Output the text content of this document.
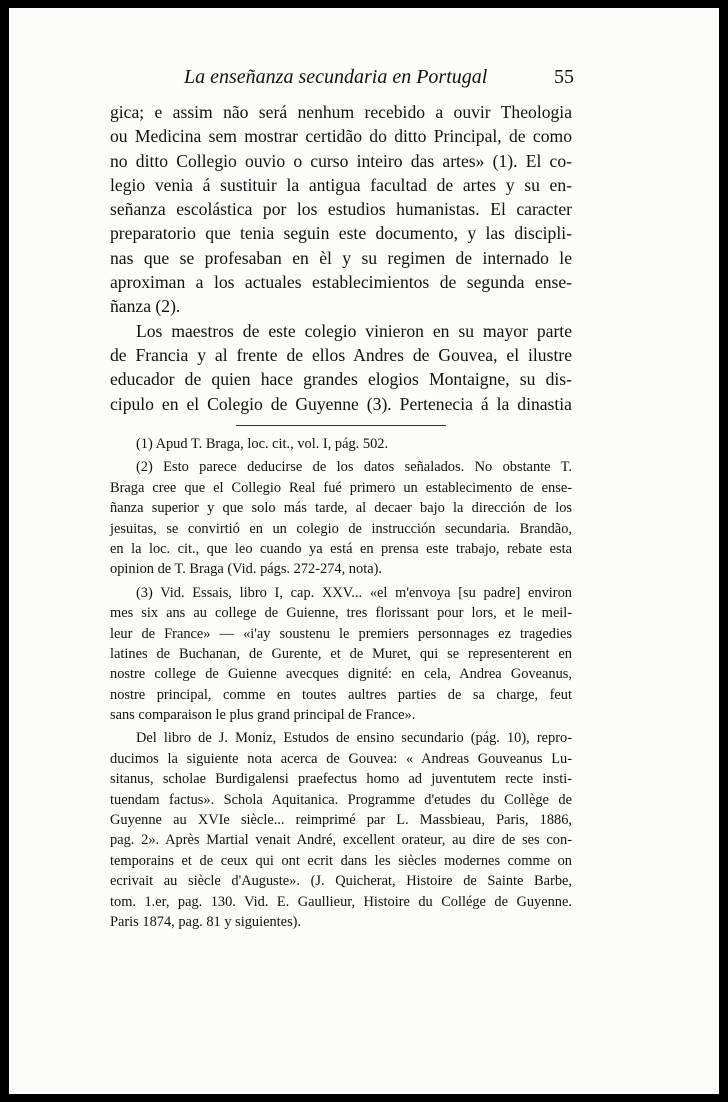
La enseñanza secundaria en Portugal	55
gica; e assim não será nenhum recebido a ouvir Theologia
ou Medicina sem mostrar certidão do ditto Principal, de como
no ditto Collegio ouvio o curso inteiro das artes» (1). El co-
legio venia á sustituir la antigua facultad de artes y su en-
señanza escolástica por los estudios humanistas. El caracter
preparatorio que tenia seguin este documento, y las discipli-
nas que se profesaban en èl y su regimen de internado le
aproximan a los actuales establecimientos de segunda ense-
ñanza (2).
Los maestros de este colegio vinieron en su mayor parte
de Francia y al frente de ellos Andres de Gouvea, el ilustre
educador de quien hace grandes elogios Montaigne, su dis-
cipulo en el Colegio de Guyenne (3). Pertenecia á la dinastia
(1) Apud T. Braga, loc. cit., vol. I, pág. 502.
(2) Esto parece deducirse de los datos señalados. No obstante T.
Braga cree que el Collegio Real fué primero un establecimento de ense-
ñanza superior y que solo más tarde, al decaer bajo la dirección de los
jesuitas, se convirtió en un colegio de instrucción secundaria. Brandão,
en la loc. cit., que leo cuando ya está en prensa este trabajo, rebate esta
opinion de T. Braga (Vid. págs. 272-274, nota).
(3) Vid. Essais, libro I, cap. XXV... «el m'envoya [su padre] environ
mes six ans au college de Guienne, tres florissant pour lors, et le meil-
leur de France» — «i'ay soustenu le premiers personnages ez tragedies
latines de Buchanan, de Gurente, et de Muret, qui se representerent en
nostre college de Guienne avecques dignité: en cela, Andrea Goveanus,
nostre principal, comme en toutes aultres parties de sa charge, feut
sans comparaison le plus grand principal de France».
Del libro de J. Moniz, Estudos de ensino secundario (pág. 10), repro-
ducimos la siguiente nota acerca de Gouvea: « Andreas Gouveanus Lu-
sitanus, scholae Burdigalensi praefectus homo ad juventutem recte insti-
tuendam factus». Schola Aquitanica. Programme d'etudes du Collège de
Guyenne au XVIe siècle... reimprimé par L. Massbieau, Paris, 1886,
pag. 2». Après Martial venait André, excellent orateur, au dire de ses con-
temporains et de ceux qui ont ecrit dans les siècles modernes comme on
ecrivait au siècle d'Auguste». (J. Quicherat, Histoire de Sainte Barbe,
tom. 1.er, pag. 130. Vid. E. Gaullieur, Histoire du Collége de Guyenne.
Paris 1874, pag. 81 y siguientes).
